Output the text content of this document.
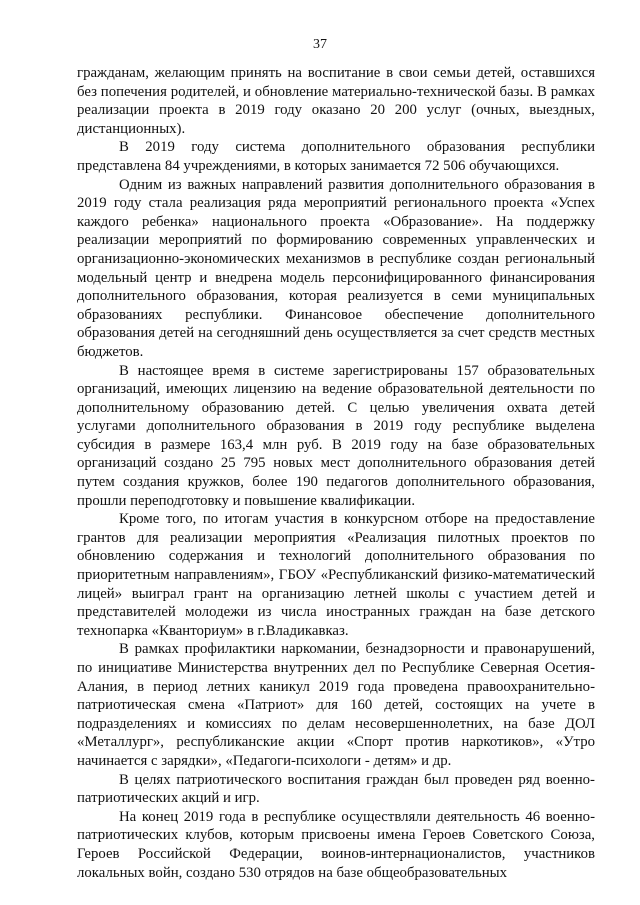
37

гражданам, желающим принять на воспитание в свои семьи детей, оставшихся без попечения родителей, и обновление материально-технической базы. В рамках реализации проекта в 2019 году оказано 20 200 услуг (очных, выездных, дистанционных).

В 2019 году система дополнительного образования республики представлена 84 учреждениями, в которых занимается 72 506 обучающихся.

Одним из важных направлений развития дополнительного образования в 2019 году стала реализация ряда мероприятий регионального проекта «Успех каждого ребенка» национального проекта «Образование». На поддержку реализации мероприятий по формированию современных управленческих и организационно-экономических механизмов в республике создан региональный модельный центр и внедрена модель персонифицированного финансирования дополнительного образования, которая реализуется в семи муниципальных образованиях республики. Финансовое обеспечение дополнительного образования детей на сегодняшний день осуществляется за счет средств местных бюджетов.

В настоящее время в системе зарегистрированы 157 образовательных организаций, имеющих лицензию на ведение образовательной деятельности по дополнительному образованию детей. С целью увеличения охвата детей услугами дополнительного образования в 2019 году республике выделена субсидия в размере 163,4 млн руб. В 2019 году на базе образовательных организаций создано 25 795 новых мест дополнительного образования детей путем создания кружков, более 190 педагогов дополнительного образования, прошли переподготовку и повышение квалификации.

Кроме того, по итогам участия в конкурсном отборе на предоставление грантов для реализации мероприятия «Реализация пилотных проектов по обновлению содержания и технологий дополнительного образования по приоритетным направлениям», ГБОУ «Республиканский физико-математический лицей» выиграл грант на организацию летней школы с участием детей и представителей молодежи из числа иностранных граждан на базе детского технопарка «Кванториум» в г.Владикавказ.

В рамках профилактики наркомании, безнадзорности и правонарушений, по инициативе Министерства внутренних дел по Республике Северная Осетия-Алания, в период летних каникул 2019 года проведена правоохранительно-патриотическая смена «Патриот» для 160 детей, состоящих на учете в подразделениях и комиссиях по делам несовершеннолетних, на базе ДОЛ «Металлург», республиканские акции «Спорт против наркотиков», «Утро начинается с зарядки», «Педагоги-психологи - детям» и др.

В целях патриотического воспитания граждан был проведен ряд военно-патриотических акций и игр.

На конец 2019 года в республике осуществляли деятельность 46 военно-патриотических клубов, которым присвоены имена Героев Советского Союза, Героев Российской Федерации, воинов-интернационалистов, участников локальных войн, создано 530 отрядов на базе общеобразовательных
